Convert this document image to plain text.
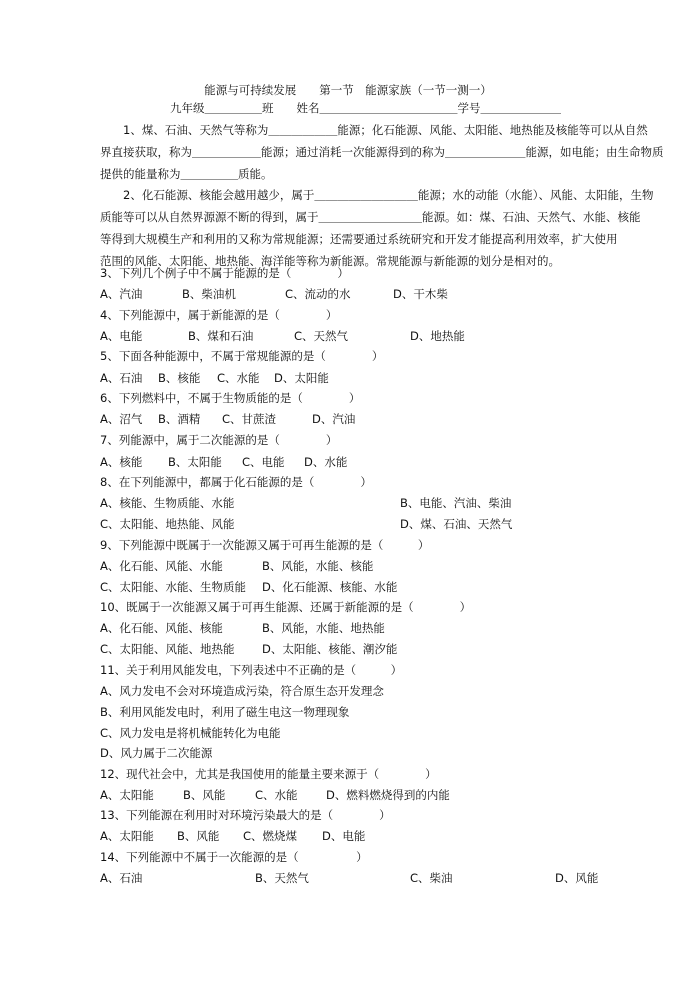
能源与可持续发展　　第一节　能源家族（一节一测一）
九年级＿＿＿＿＿班　　姓名＿＿＿＿＿＿＿＿＿＿＿＿学号＿＿＿＿＿＿＿
　　1、煤、石油、天然气等称为＿＿＿＿＿＿能源；化石能源、风能、太阳能、地热能及核能等可以从自然
界直接获取，称为＿＿＿＿＿＿能源；通过消耗一次能源得到的称为＿＿＿＿＿＿＿能源，如电能；由生命物质
提供的能量称为＿＿＿＿＿质能。
　　2、化石能源、核能会越用越少，属于＿＿＿＿＿＿＿＿＿能源；水的动能（水能）、风能、太阳能，生物
质能等可以从自然界源源不断的得到，属于＿＿＿＿＿＿＿＿＿能源。如：煤、石油、天然气、水能、核能
等得到大规模生产和利用的又称为常规能源；还需要通过系统研究和开发才能提高利用效率，扩大使用
范围的风能、太阳能、地热能、海洋能等称为新能源。常规能源与新能源的划分是相对的。
3、下列几个例子中不属于能源的是（　　　　）
A、汽油	B、柴油机	C、流动的水	D、干木柴
4、下列能源中，属于新能源的是（　　　　）
A、电能	B、煤和石油	C、天然气	D、地热能
5、下面各种能源中，不属于常规能源的是（　　　　）
A、石油 B、核能 C、水能 D、太阳能
6、下列燃料中，不属于生物质能的是（　　　　）
A、沼气 B、酒精 C、甘蔗渣	D、汽油
7、列能源中，属于二次能源的是（　　　　）
A、核能 B、太阳能 C、电能 D、水能
8、在下列能源中，都属于化石能源的是（　　　　）
A、核能、生物质能、水能	B、电能、汽油、柴油
C、太阳能、地热能、风能	D、煤、石油、天然气
9、下列能源中既属于一次能源又属于可再生能源的是（　　　）
A、化石能、风能、水能	B、风能，水能、核能
C、太阳能、水能、生物质能 D、化石能源、核能、水能
10、既属于一次能源又属于可再生能源、还属于新能源的是（　　　　）
A、化石能、风能、核能	B、风能，水能、地热能
C、太阳能、风能、地热能 D、太阳能、核能、潮汐能
11、关于利用风能发电，下列表述中不正确的是（　　　）
A、风力发电不会对环境造成污染，符合原生态开发理念
B、利用风能发电时，利用了磁生电这一物理现象
C、风力发电是将机械能转化为电能
D、风力属于二次能源
12、现代社会中，尤其是我国使用的能量主要来源于（　　　　）
A、太阳能	B、风能	C、水能 D、燃料燃烧得到的内能
13、下列能源在利用时对环境污染最大的是（　　　　）
A、太阳能 B、风能 C、燃烧煤 D、电能
14、下列能源中不属于一次能源的是（　　　　　）
A、石油	B、天然气	C、柴油	D、风能
